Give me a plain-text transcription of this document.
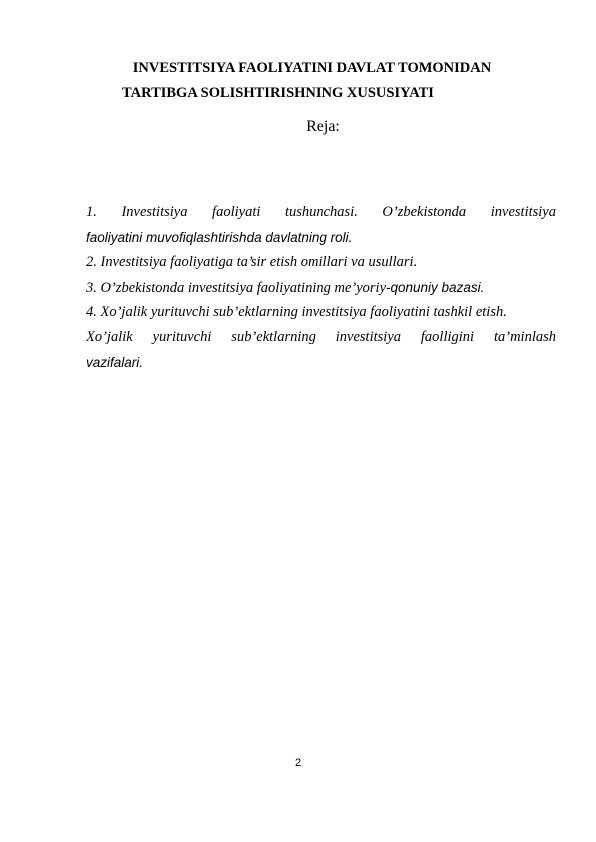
INVESTITSIYA FAOLIYATINI DAVLAT TOMONIDAN
TARTIBGA SOLISHTIRISHNING XUSUSIYATI
Reja:
1. Investitsiya faoliyati tushunchasi. O’zbekistonda investitsiya
faoliyatini muvofiqlashtirishda davlatning roli.
2. Investitsiya faoliyatiga ta’sir etish omillari va usullari.
3. O’zbekistonda investitsiya faoliyatining me’yoriy-qonuniy bazasi.
4. Xo’jalik yurituvchi sub’ektlarning investitsiya faoliyatini tashkil etish.
Xo’jalik yurituvchi sub’ektlarning investitsiya faolligini ta’minlash
vazifalari.
2
